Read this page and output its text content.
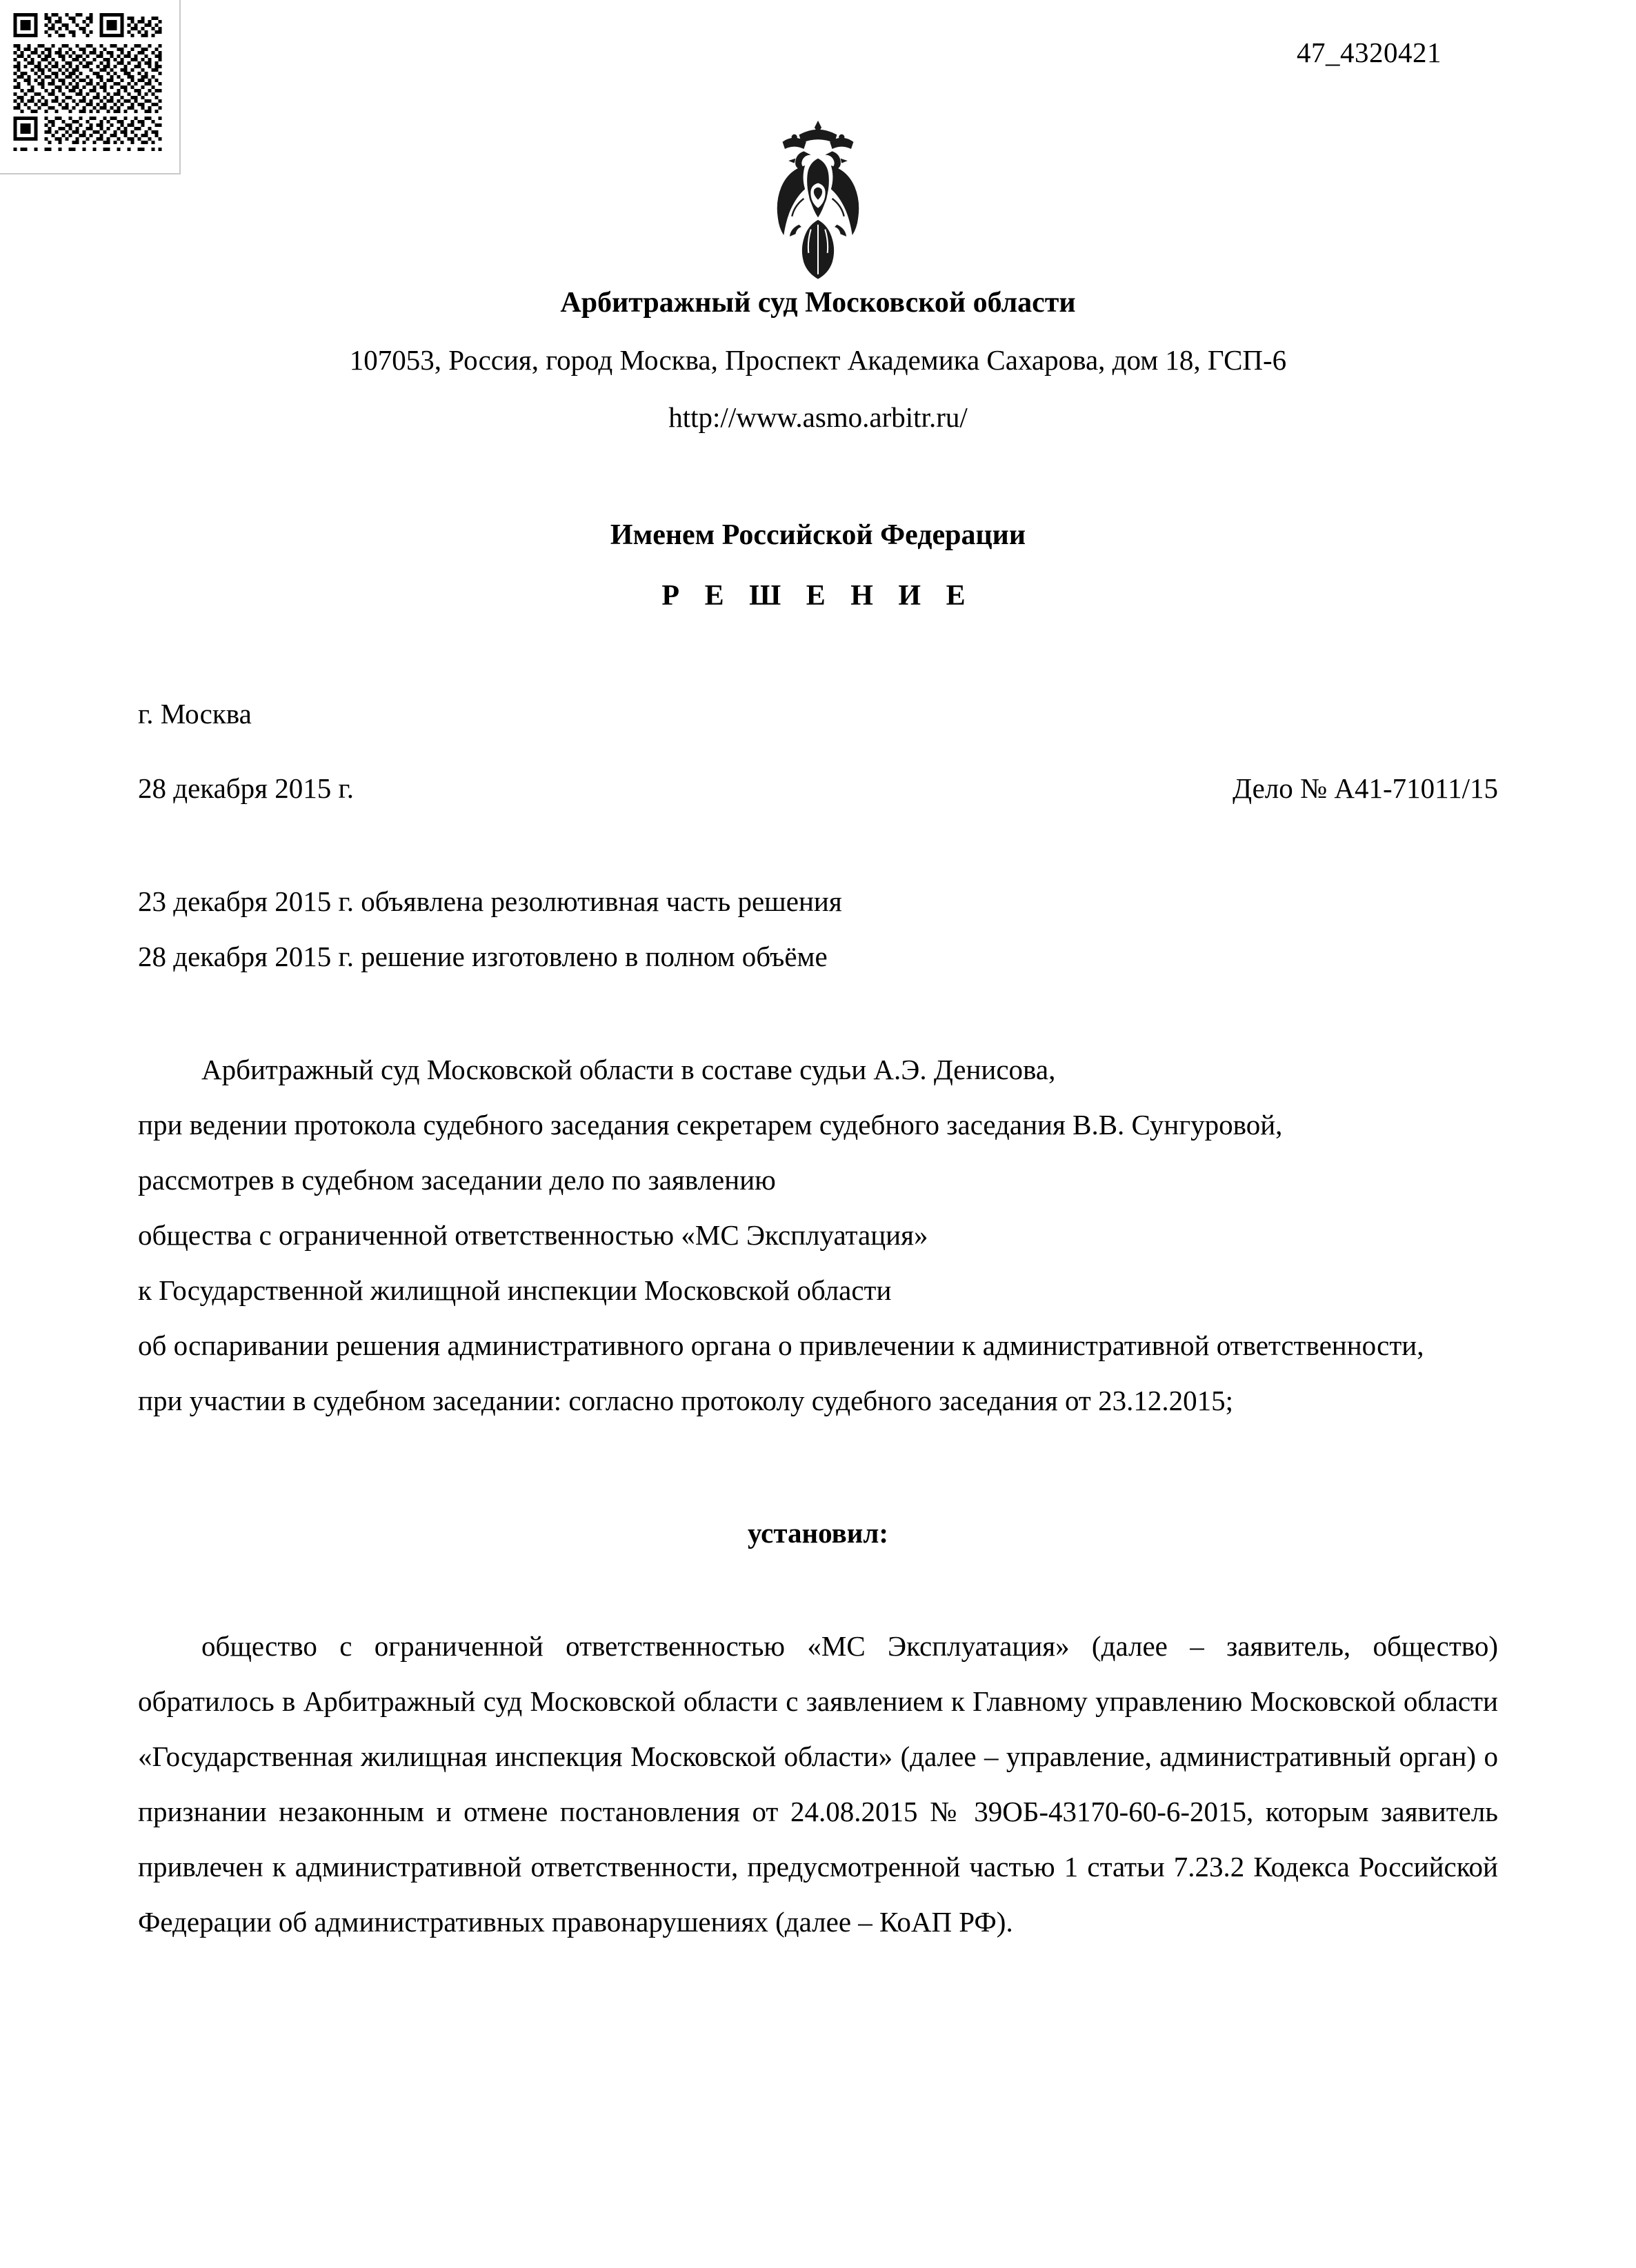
47_4320421
Арбитражный суд Московской области
107053, Россия, город Москва, Проспект Академика Сахарова, дом 18, ГСП-6
http://www.asmo.arbitr.ru/
Именем Российской Федерации
Р Е Ш Е Н И Е
г. Москва
28 декабря 2015 г.	Дело № А41-71011/15
23 декабря 2015 г. объявлена резолютивная часть решения
28 декабря 2015 г. решение изготовлено в полном объёме

Арбитражный суд Московской области в составе судьи А.Э. Денисова,

при ведении протокола судебного заседания секретарем судебного заседания В.В. Сунгуровой,

рассмотрев в судебном заседании дело по заявлению

общества с ограниченной ответственностью «МС Эксплуатация»

к Государственной жилищной инспекции Московской области

об оспаривании решения административного органа о привлечении к административной ответственности,

при участии в судебном заседании: согласно протоколу судебного заседания от 23.12.2015;

установил:

общество с ограниченной ответственностью «МС Эксплуатация» (далее – заявитель, общество) обратилось в Арбитражный суд Московской области с заявлением к Главному управлению Московской области «Государственная жилищная инспекция Московской области» (далее – управление, административный орган) о признании незаконным и отмене постановления от 24.08.2015 № 39ОБ-43170-60-6-2015, которым заявитель привлечен к административной ответственности, предусмотренной частью 1 статьи 7.23.2 Кодекса Российской Федерации об административных правонарушениях (далее – КоАП РФ).
